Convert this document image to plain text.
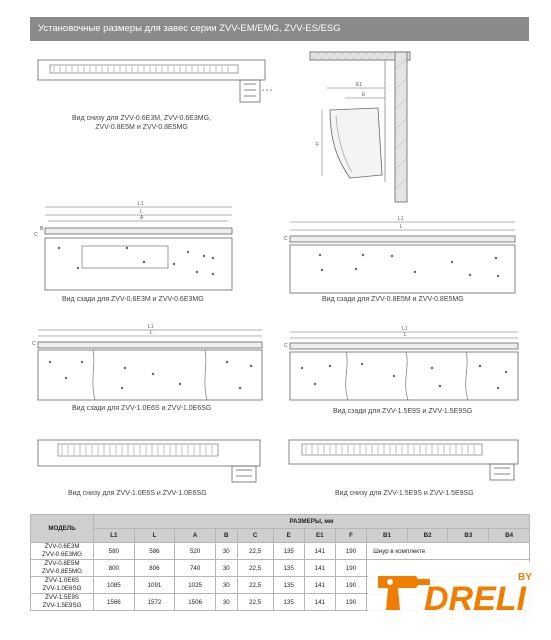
Установочные размеры для завес серии ZVV-EM/EMG, ZVV-ES/ESG
E1
E
F
L1
L
A
C
B
L1
L
C
L1
L
C
L1
L
C
Вид снизу для ZVV-0.6E3M, ZVV-0.6E3MG,
ZVV-0.8E5M и ZVV-0.8E5MG
Вид сзади для ZVV-0.6E3M и ZVV-0.6E3MG	Вид сзади для ZVV-0.8E5M и ZVV-0.8E5MG
Вид сзади для ZVV-1.0E6S и ZVV-1.0E6SG	Вид сзади для ZVV-1.5E9S и ZVV-1.5E9SG
Вид снизу для ZVV-1.0E6S и ZVV-1.0E6SG	Вид снизу для ZVV-1.5E9S и ZVV-1.5E9SG
МОДЕЛЬ	РАЗМЕРЫ, мм											
	L1	L	A	B	C	E	E1	F	B1	B2	B3	B4

ZVV-0.6E3M
ZVV-0.6E3MG	580	586	520	30	22,5	135	141	190	Шнур в комплекте			

ZVV-0.8E5M
ZVV-0.8E5MG	800	806	740	30	22,5	135	141	190				

ZVV-1.0E6S
ZVV-1.0E6SG	1085	1091	1025	30	22,5	135	141	190				

ZVV-1.5E9S
ZVV-1.5E9SG	1566	1572	1506	30	22,5	135	141	190				DRELI
BY
